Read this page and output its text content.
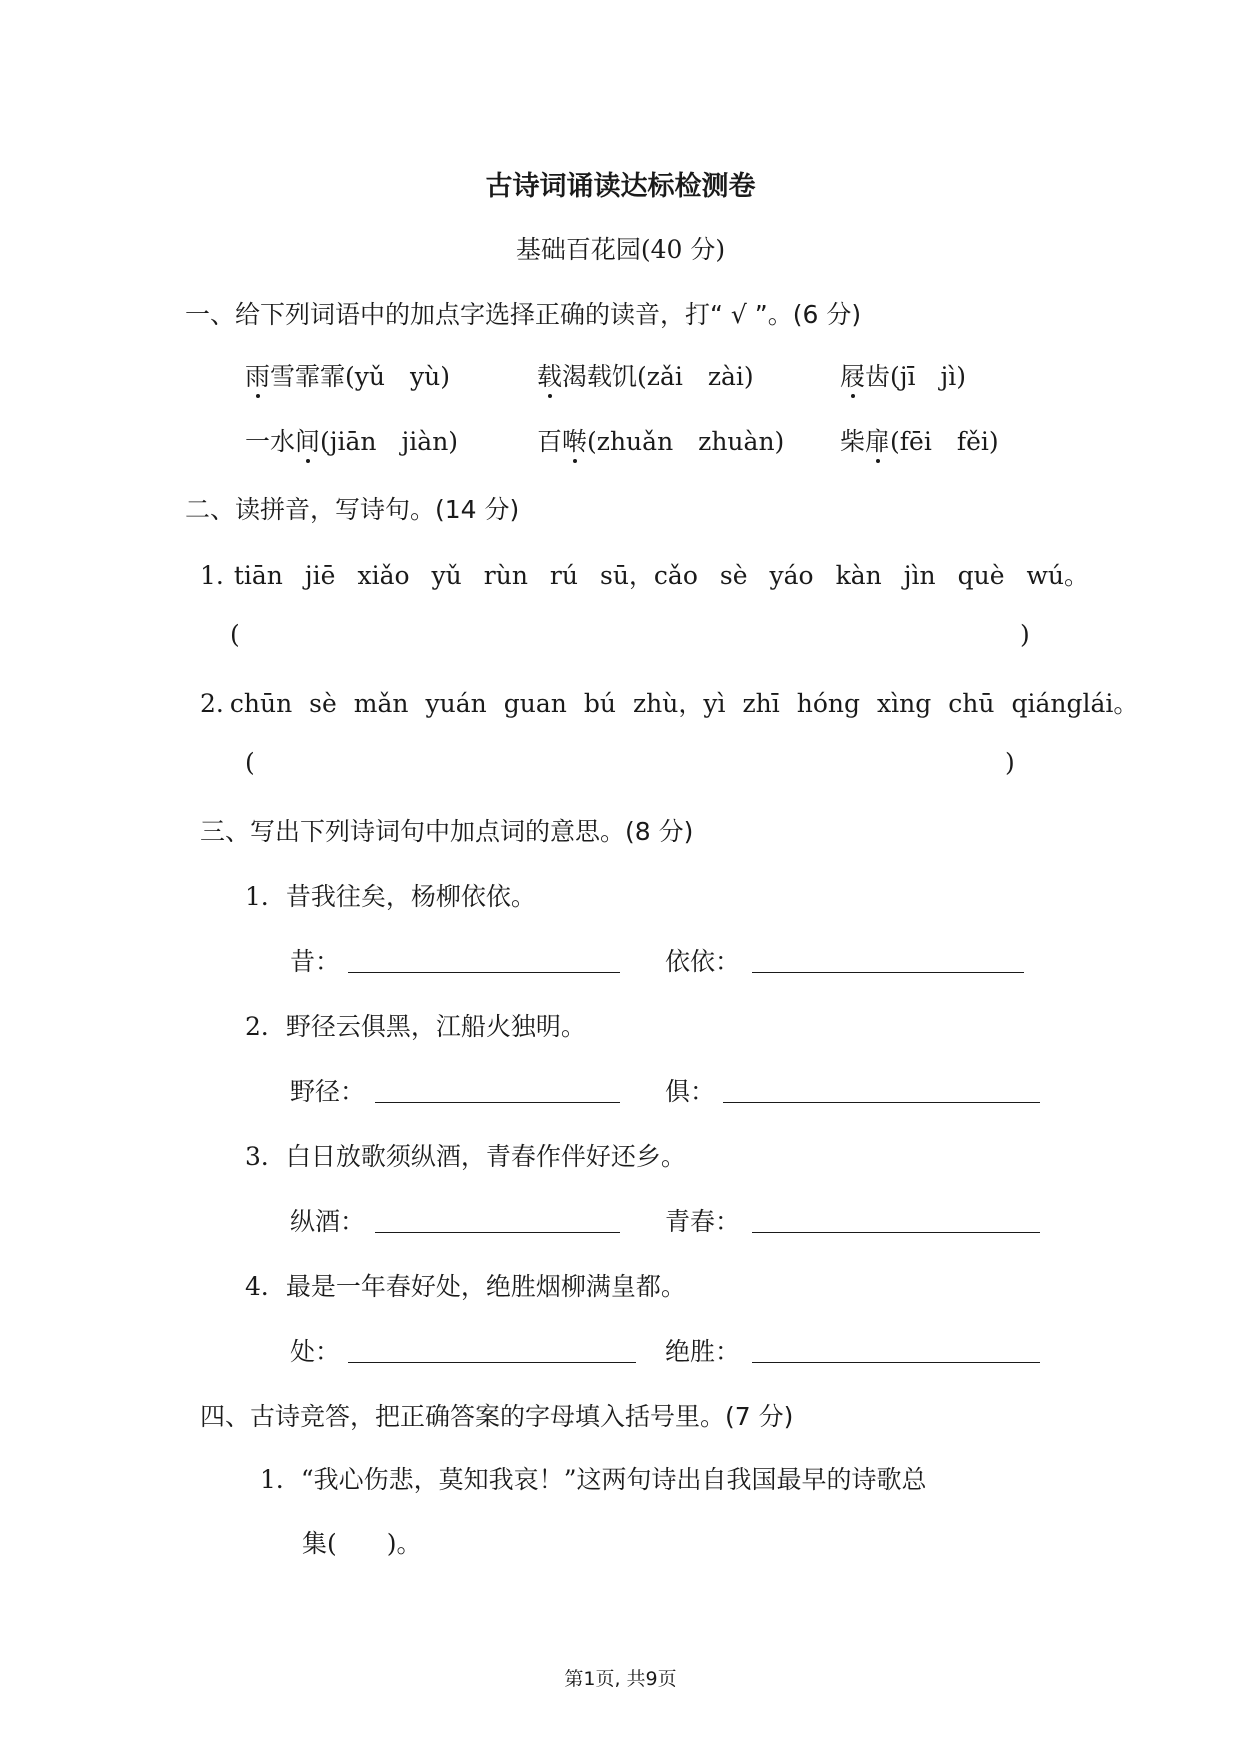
古诗词诵读达标检测卷
基础百花园(40 分)
一、给下列词语中的加点字选择正确的读音，打“ √ ”。(6 分)
雨雪霏霏(yǔ　yù)	载渴载饥(zǎi　zài)	屐齿(jī　jì)
一水间(jiān　jiàn)	百啭(zhuǎn　zhuàn) 柴扉(fēi　fěi)
二、读拼音，写诗句。(14 分)
1. tiān jiē xiǎo yǔ rùn rú sū，cǎo sè yáo kàn jìn què wú。
(	)
2. chūn sè mǎn yuán guan bú zhù，yì zhī hóng xìng chū qiánglái。
(	)
三、写出下列诗词句中加点词的意思。(8 分)
1．昔我往矣，杨柳依依。
昔：	依依：
2．野径云俱黑，江船火独明。
野径：	俱：
3．白日放歌须纵酒，青春作伴好还乡。
纵酒：	青春：
4．最是一年春好处，绝胜烟柳满皇都。
处：	绝胜：
四、古诗竞答，把正确答案的字母填入括号里。(7 分)
1．“我心伤悲，莫知我哀！”这两句诗出自我国最早的诗歌总
集(　　)。
第1页, 共9页
